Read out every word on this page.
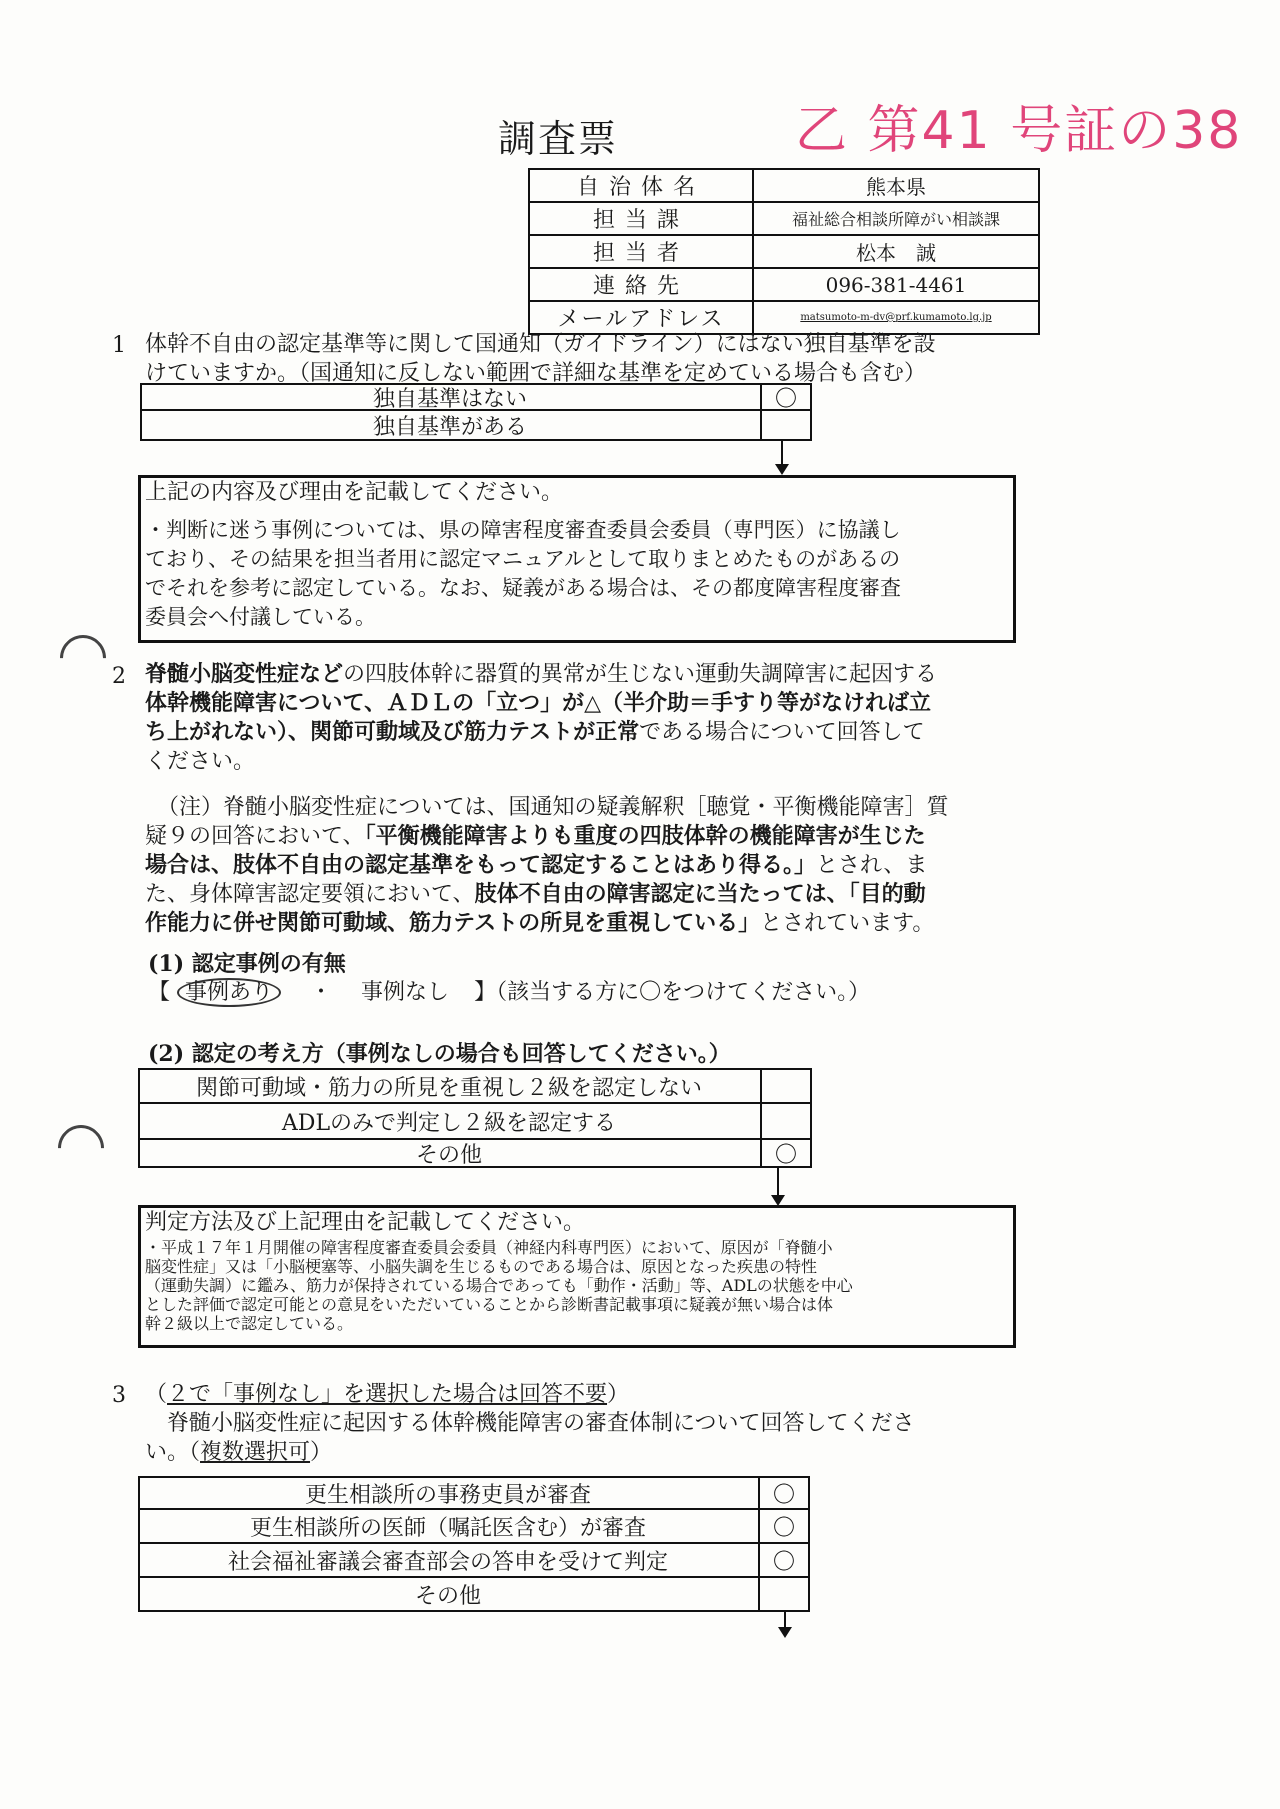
調査票	乙 第41 号証の38
自治体名	熊本県
担当課	福祉総合相談所障がい相談課
担当者	松本　誠
連絡先	096-381-4461
メールアドレス	matsumoto-m-dv@prf.kumamoto.lg.jp
1 体幹不自由の認定基準等に関して国通知（ガイドライン）にはない独自基準を設
けていますか。（国通知に反しない範囲で詳細な基準を定めている場合も含む）
独自基準はない	〇
独自基準がある
上記の内容及び理由を記載してください。
・判断に迷う事例については、県の障害程度審査委員会委員（専門医）に協議し
ており、その結果を担当者用に認定マニュアルとして取りまとめたものがあるの
でそれを参考に認定している。なお、疑義がある場合は、その都度障害程度審査
委員会へ付議している。
2 脊髄小脳変性症などの四肢体幹に器質的異常が生じない運動失調障害に起因する
体幹機能障害について、ＡＤＬの「立つ」が△（半介助＝手すり等がなければ立
ち上がれない）、関節可動域及び筋力テストが正常である場合について回答して
ください。
（注）脊髄小脳変性症については、国通知の疑義解釈［聴覚・平衡機能障害］質
疑９の回答において、「平衡機能障害よりも重度の四肢体幹の機能障害が生じた
場合は、肢体不自由の認定基準をもって認定することはあり得る。」とされ、ま
た、身体障害認定要領において、肢体不自由の障害認定に当たっては、「目的動
作能力に併せ関節可動域、筋力テストの所見を重視している」とされています。
(1) 認定事例の有無
【 事例あり ・ 事例なし 】（該当する方に〇をつけてください。）
(2) 認定の考え方（事例なしの場合も回答してください。）
関節可動域・筋力の所見を重視し２級を認定しない
ADLのみで判定し２級を認定する
その他	〇
判定方法及び上記理由を記載してください。
・平成１７年１月開催の障害程度審査委員会委員（神経内科専門医）において、原因が「脊髄小
脳変性症」又は「小脳梗塞等、小脳失調を生じるものである場合は、原因となった疾患の特性
（運動失調）に鑑み、筋力が保持されている場合であっても「動作・活動」等、ADLの状態を中心
とした評価で認定可能との意見をいただいていることから診断書記載事項に疑義が無い場合は体
幹２級以上で認定している。
3 （２で「事例なし」を選択した場合は回答不要）
脊髄小脳変性症に起因する体幹機能障害の審査体制について回答してくださ
い。（複数選択可）
更生相談所の事務吏員が審査	〇
更生相談所の医師（嘱託医含む）が審査	〇
社会福祉審議会審査部会の答申を受けて判定	〇
その他
